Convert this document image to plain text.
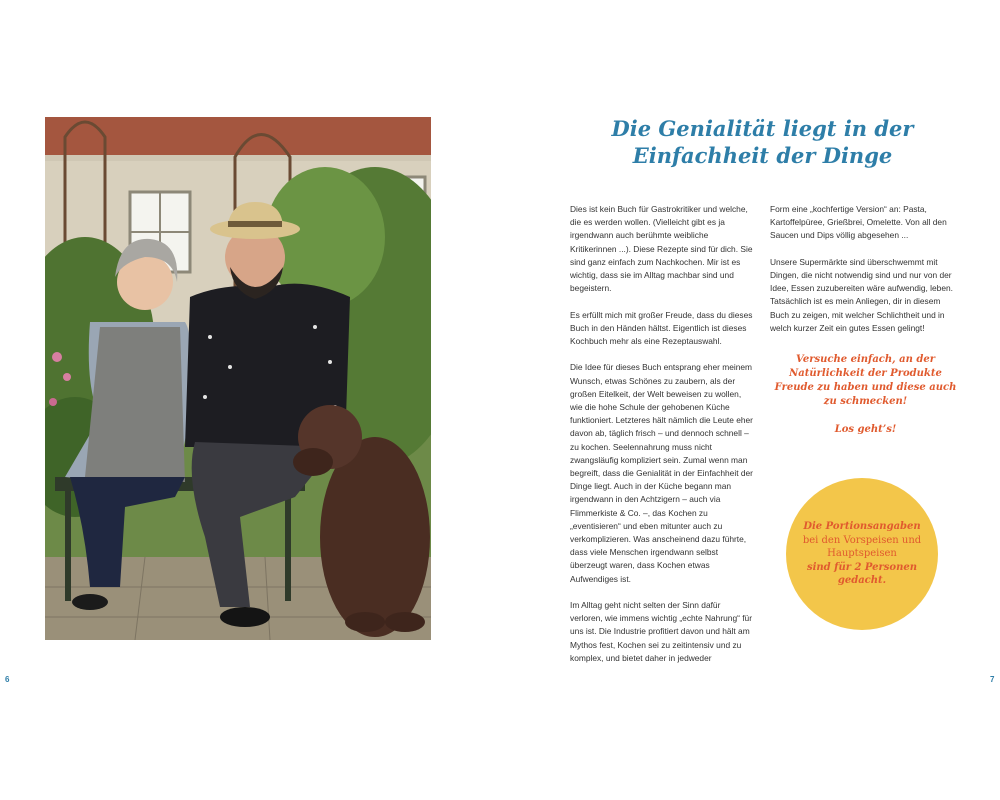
Die Genialität liegt in der
Einfachheit der Dinge

Dies ist kein Buch für Gastrokritiker und welche, die es werden wollen. (Vielleicht gibt es ja irgendwann auch berühmte weibliche Kritikerinnen ...). Diese Rezepte sind für dich. Sie sind ganz einfach zum Nachkochen. Mir ist es wichtig, dass sie im Alltag machbar sind und begeistern.

Es erfüllt mich mit großer Freude, dass du dieses Buch in den Händen hältst. Eigentlich ist dieses Kochbuch mehr als eine Rezeptauswahl.

Die Idee für dieses Buch entsprang eher meinem Wunsch, etwas Schönes zu zaubern, als der großen Eitelkeit, der Welt beweisen zu wollen, wie die hohe Schule der gehobenen Küche funktioniert. Letzteres hält nämlich die Leute eher davon ab, täglich frisch – und dennoch schnell – zu kochen. Seelennahrung muss nicht zwangsläufig kompliziert sein. Zumal wenn man begreift, dass die Genialität in der Einfachheit der Dinge liegt. Auch in der Küche begann man irgendwann in den Achtzigern – auch via Flimmerkiste & Co. –, das Kochen zu „eventisieren“ und eben mitunter auch zu verkomplizieren. Was anscheinend dazu führte, dass viele Menschen irgendwann selbst überzeugt waren, dass Kochen etwas Aufwendiges ist.

Im Alltag geht nicht selten der Sinn dafür verloren, wie immens wichtig „echte Nahrung“ für uns ist. Die Industrie profitiert davon und hält am Mythos fest, Kochen sei zu zeitintensiv und zu komplex, und bietet daher in jedweder

Form eine „kochfertige Version“ an: Pasta, Kartoffelpüree, Grießbrei, Omelette. Von all den Saucen und Dips völlig abgesehen ...

Unsere Supermärkte sind überschwemmt mit Dingen, die nicht notwendig sind und nur von der Idee, Essen zuzubereiten wäre aufwendig, leben. Tatsächlich ist es mein Anliegen, dir in diesem Buch zu zeigen, mit welcher Schlichtheit und in welch kurzer Zeit ein gutes Essen gelingt!

Versuche einfach, an der Natürlichkeit der Produkte Freude zu haben und diese auch zu schmecken!

Los geht’s!

Die Portionsangaben
bei den Vorspeisen und Hauptspeisen
sind für 2 Personen gedacht.
6	7
